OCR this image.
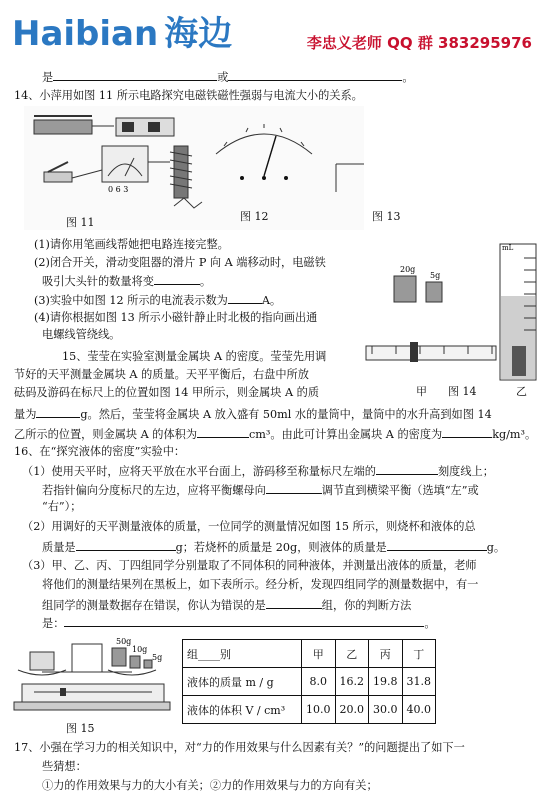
Haibian 海边	李忠义老师 QQ 群 383295976
是	或	。
14、小萍用如图 11 所示电路探究电磁铁磁性强弱与电流大小的关系。
0 6 3
图 11	图 12	图 13
(1)请你用笔画线帮她把电路连接完整。
(2)闭合开关，滑动变阻器的滑片 P 向 A 端移动时，电磁铁
吸引大头针的数量将变	。
(3)实验中如图 12 所示的电流表示数为	A。
(4)请你根据如图 13 所示小磁针静止时北极的指向画出通
电螺线管绕线。
20g
5g
mL
甲 图 14	乙
15、莹莹在实验室测量金属块 A 的密度。莹莹先用调
节好的天平测量金属块 A 的质量。天平平衡后，右盘中所放
砝码及游码在标尺上的位置如图 14 甲所示，则金属块 A 的质
量为	g。然后，莹莹将金属块 A 放入盛有 50ml 水的量筒中，量筒中的水升高到如图 14
乙所示的位置，则金属块 A 的体积为	cm³。由此可计算出金属块 A 的密度为	kg/m³。
16、在“探究液体的密度”实验中：
（1）使用天平时，应将天平放在水平台面上，游码移至称量标尺左端的	刻度线上；
若指针偏向分度标尺的左边，应将平衡螺母向	调节直到横梁平衡（选填“左”或
“右”）；
（2）用调好的天平测量液体的质量，一位同学的测量情况如图 15 所示，则烧杯和液体的总
质量是	g；若烧杯的质量是 20g，则液体的质量是	g。
（3）甲、乙、丙、丁四组同学分别量取了不同体积的同种液体，并测量出液体的质量，老师
将他们的测量结果列在黑板上，如下表所示。经分析，发现四组同学的测量数据中，有一
组同学的测量数据存在错误，你认为错误的是	组，你的判断方法
是：	。
50g
10g
5g
图 15
组____别	甲	乙	丙	丁
液体的质量 m / g	8.0	16.2	19.8	31.8
液体的体积 V / cm³	10.0	20.0	30.0	40.0
17、小强在学习力的相关知识中，对“力的作用效果与什么因素有关？”的问题提出了如下一
些猜想：
①力的作用效果与力的大小有关；②力的作用效果与力的方向有关；
